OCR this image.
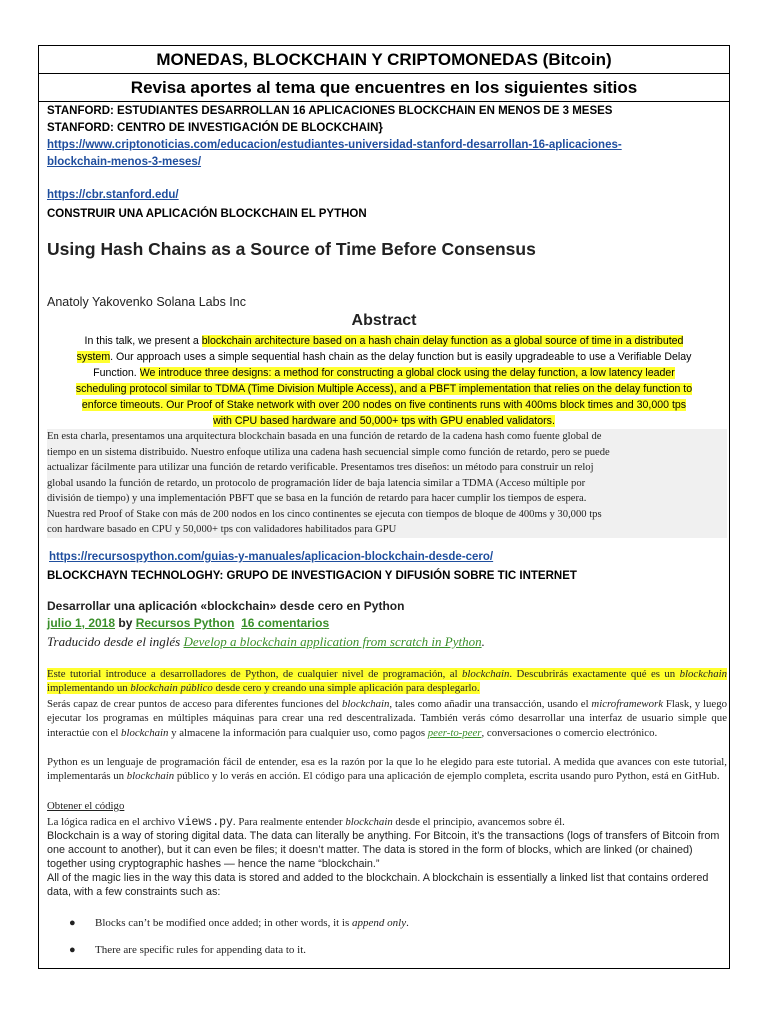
MONEDAS, BLOCKCHAIN Y CRIPTOMONEDAS (Bitcoin)
Revisa aportes al tema que encuentres en los siguientes sitios
STANFORD: ESTUDIANTES DESARROLLAN 16 APLICACIONES BLOCKCHAIN EN MENOS DE 3 MESES
STANFORD: CENTRO DE INVESTIGACIÓN DE BLOCKCHAIN}
https://www.criptonoticias.com/educacion/estudiantes-universidad-stanford-desarrollan-16-aplicaciones-
blockchain-menos-3-meses/
https://cbr.stanford.edu/
CONSTRUIR UNA APLICACIÓN BLOCKCHAIN EL PYTHON
Using Hash Chains as a Source of Time Before Consensus
Anatoly Yakovenko Solana Labs Inc
Abstract
In this talk, we present a blockchain architecture based on a hash chain delay function as a global source of time in a distributed
system. Our approach uses a simple sequential hash chain as the delay function but is easily upgradeable to use a Verifiable Delay
Function. We introduce three designs: a method for constructing a global clock using the delay function, a low latency leader
scheduling protocol similar to TDMA (Time Division Multiple Access), and a PBFT implementation that relies on the delay function to
enforce timeouts. Our Proof of Stake network with over 200 nodes on five continents runs with 400ms block times and 30,000 tps
with CPU based hardware and 50,000+ tps with GPU enabled validators.
En esta charla, presentamos una arquitectura blockchain basada en una función de retardo de la cadena hash como fuente global de
tiempo en un sistema distribuido. Nuestro enfoque utiliza una cadena hash secuencial simple como función de retardo, pero se puede
actualizar fácilmente para utilizar una función de retardo verificable. Presentamos tres diseños: un método para construir un reloj
global usando la función de retardo, un protocolo de programación líder de baja latencia similar a TDMA (Acceso múltiple por
división de tiempo) y una implementación PBFT que se basa en la función de retardo para hacer cumplir los tiempos de espera.
Nuestra red Proof of Stake con más de 200 nodos en los cinco continentes se ejecuta con tiempos de bloque de 400ms y 30,000 tps
con hardware basado en CPU y 50,000+ tps con validadores habilitados para GPU
https://recursospython.com/guias-y-manuales/aplicacion-blockchain-desde-cero/
BLOCKCHAYN TECHNOLOGHY: GRUPO DE INVESTIGACION Y DIFUSIÓN SOBRE TIC INTERNET
Desarrollar una aplicación «blockchain» desde cero en Python
julio 1, 2018 by Recursos Python 16 comentarios
Traducido desde el inglés Develop a blockchain application from scratch in Python.
Este tutorial introduce a desarrolladores de Python, de cualquier nivel de programación, al blockchain. Descubrirás exactamente qué es un blockchain implementando un blockchain público desde cero y creando una simple aplicación para desplegarlo.
Serás capaz de crear puntos de acceso para diferentes funciones del blockchain, tales como añadir una transacción, usando el microframework Flask, y luego ejecutar los programas en múltiples máquinas para crear una red descentralizada. También verás cómo desarrollar una interfaz de usuario simple que interactúe con el blockchain y almacene la información para cualquier uso, como pagos peer-to-peer, conversaciones o comercio electrónico.
Python es un lenguaje de programación fácil de entender, esa es la razón por la que lo he elegido para este tutorial. A medida que avances con este tutorial, implementarás un blockchain público y lo verás en acción. El código para una aplicación de ejemplo completa, escrita usando puro Python, está en GitHub.
Obtener el código
La lógica radica en el archivo views.py. Para realmente entender blockchain desde el principio, avancemos sobre él.
Blockchain is a way of storing digital data. The data can literally be anything. For Bitcoin, it’s the transactions (logs of transfers of Bitcoin from one account to another), but it can even be files; it doesn’t matter. The data is stored in the form of blocks, which are linked (or chained) together using cryptographic hashes — hence the name “blockchain.”
All of the magic lies in the way this data is stored and added to the blockchain. A blockchain is essentially a linked list that contains ordered data, with a few constraints such as:
● Blocks can’t be modified once added; in other words, it is append only.
● There are specific rules for appending data to it.
